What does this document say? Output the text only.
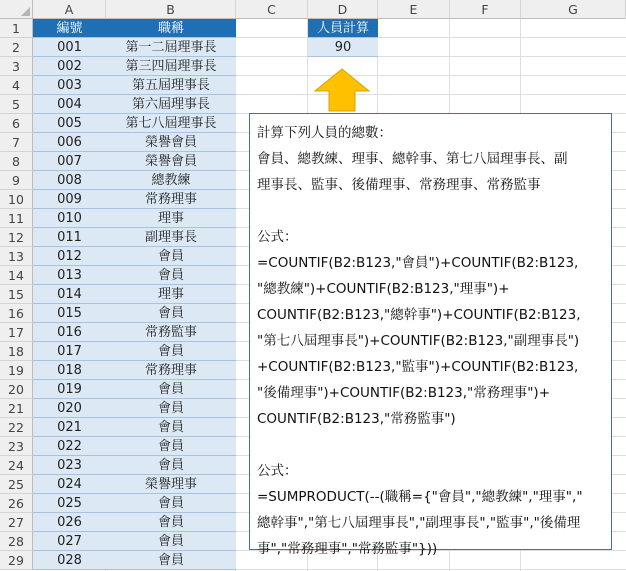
A	B	C	D	E	F	G
1
2
3
4
5
6
7
8
9
10
11
12
13
14
15
16
17
18
19
20
21
22
23
24
25
26
27
28
29
編號	職稱
001	第一二屆理事長
002	第三四屆理事長
003	第五屆理事長
004	第六屆理事長
005	第七八屆理事長
006	榮譽會員
007	榮譽會員
008	總教練
009	常務理事
010	理事
011	副理事長
012	會員
013	會員
014	理事
015	會員
016	常務監事
017	會員
018	常務理事
019	會員
020	會員
021	會員
022	會員
023	會員
024	榮譽理事
025	會員
026	會員
027	會員
028	會員
人員計算
90

計算下列人員的總數：

會員、總教練、理事、總幹事、第七八屆理事長、副

理事長、監事、後備理事、常務理事、常務監事

公式：

=COUNTIF(B2:B123,"會員")+COUNTIF(B2:B123,

"總教練")+COUNTIF(B2:B123,"理事")+

COUNTIF(B2:B123,"總幹事")+COUNTIF(B2:B123,

"第七八屆理事長")+COUNTIF(B2:B123,"副理事長")

+COUNTIF(B2:B123,"監事")+COUNTIF(B2:B123,

"後備理事")+COUNTIF(B2:B123,"常務理事")+

COUNTIF(B2:B123,"常務監事")

公式：

=SUMPRODUCT(--(職稱={"會員","總教練","理事","

總幹事","第七八屆理事長","副理事長","監事","後備理

事","常務理事","常務監事"}))
